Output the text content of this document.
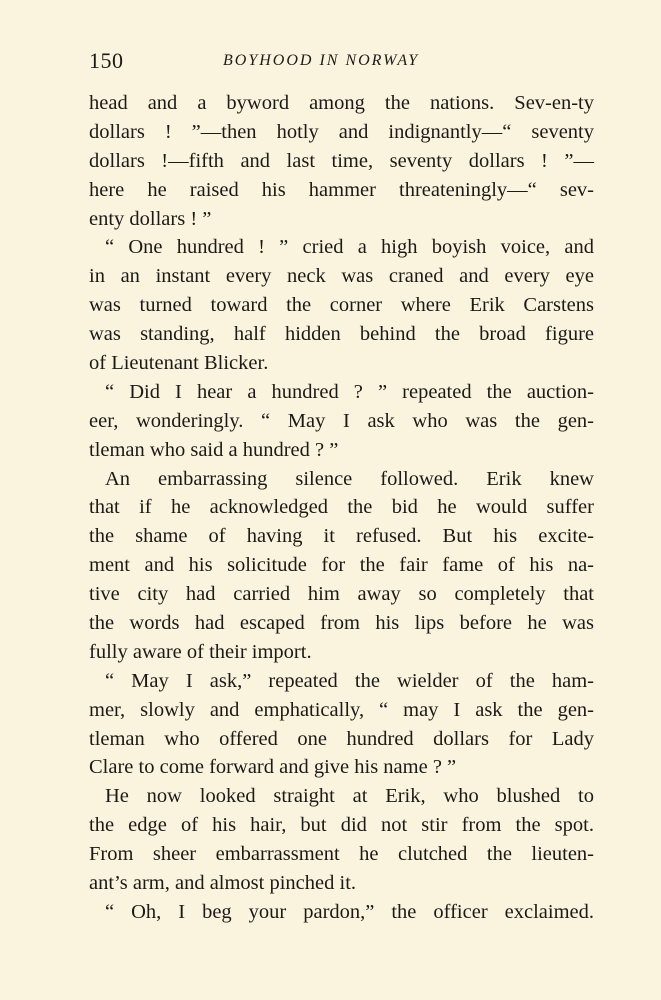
150	BOYHOOD IN NORWAY
head and a byword among the nations. Sev-en-ty
dollars ! ”—then hotly and indignantly—“ seventy
dollars !—fifth and last time, seventy dollars ! ”—
here he raised his hammer threateningly—“ sev-
enty dollars ! ”
“ One hundred ! ” cried a high boyish voice, and
in an instant every neck was craned and every eye
was turned toward the corner where Erik Carstens
was standing, half hidden behind the broad figure
of Lieutenant Blicker.
“ Did I hear a hundred ? ” repeated the auction-
eer, wonderingly. “ May I ask who was the gen-
tleman who said a hundred ? ”
An embarrassing silence followed. Erik knew
that if he acknowledged the bid he would suffer
the shame of having it refused. But his excite-
ment and his solicitude for the fair fame of his na-
tive city had carried him away so completely that
the words had escaped from his lips before he was
fully aware of their import.
“ May I ask,” repeated the wielder of the ham-
mer, slowly and emphatically, “ may I ask the gen-
tleman who offered one hundred dollars for Lady
Clare to come forward and give his name ? ”
He now looked straight at Erik, who blushed to
the edge of his hair, but did not stir from the spot.
From sheer embarrassment he clutched the lieuten-
ant’s arm, and almost pinched it.
“ Oh, I beg your pardon,” the officer exclaimed.
